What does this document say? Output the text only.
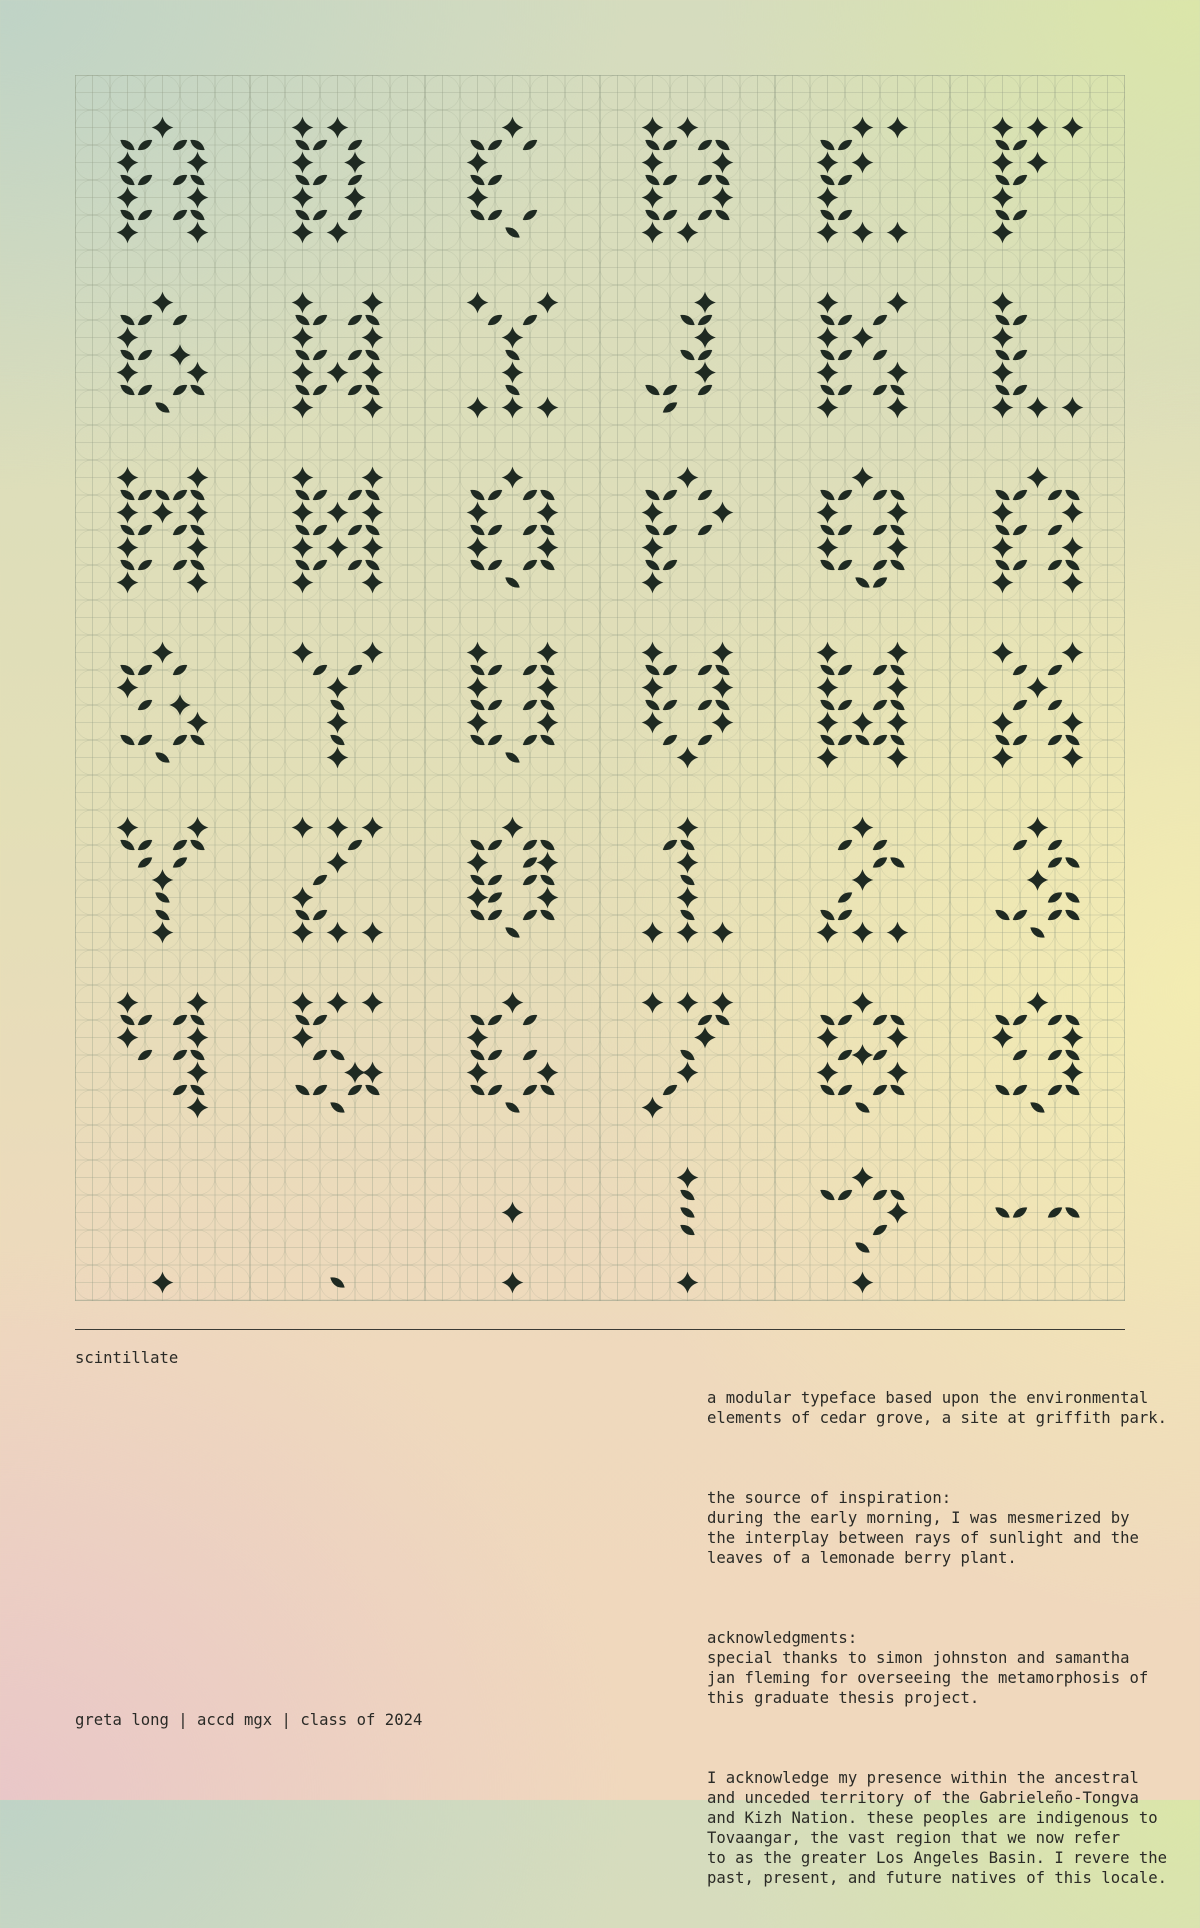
scintillate
greta long | accd mgx | class of 2024

a modular typeface based upon the environmental
elements of cedar grove, a site at griffith park.

the source of inspiration:
during the early morning, I was mesmerized by
the interplay between rays of sunlight and the
leaves of a lemonade berry plant.

acknowledgments:
special thanks to simon johnston and samantha
jan fleming for overseeing the metamorphosis of
this graduate thesis project.

I acknowledge my presence within the ancestral
and unceded territory of the Gabrieleño-Tongva
and Kizh Nation. these peoples are indigenous to
Tovaangar, the vast region that we now refer
to as the greater Los Angeles Basin. I revere the
past, present, and future natives of this locale.
